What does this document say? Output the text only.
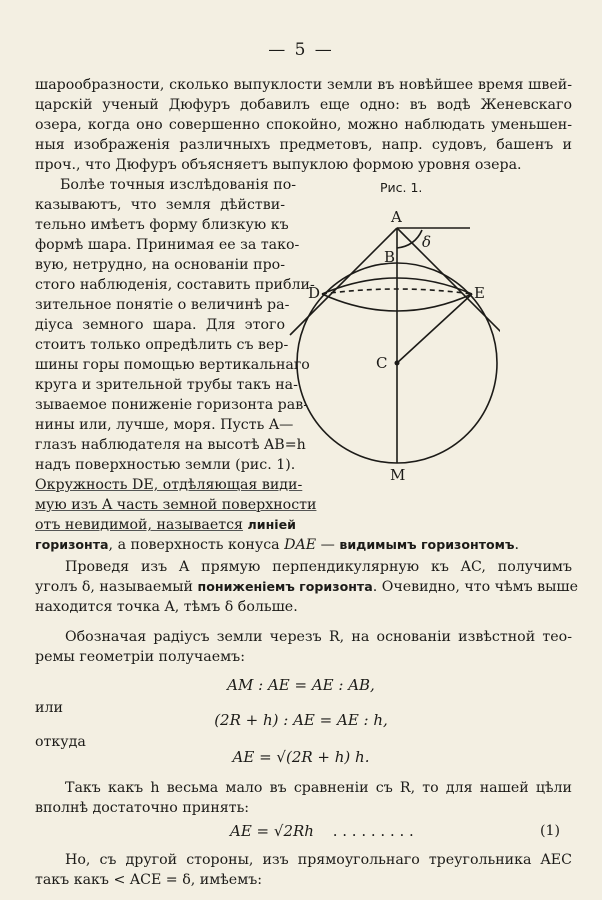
— 5 —
шарообразности, сколько выпуклости земли въ новѣйшее время швей-
царскій ученый Дюфуръ добавилъ еще одно: въ водѣ Женевскаго
озера, когда оно совершенно спокойно, можно наблюдать уменьшен-
ныя изображенія различныхъ предметовъ, напр. судовъ, башенъ и
проч., что Дюфуръ объясняетъ выпуклою формою уровня озера.
Болѣе точныя изслѣдованія по-
казываютъ, что земля дѣйстви-
тельно имѣетъ форму близкую къ
формѣ шара. Принимая ее за тако-
вую, нетрудно, на основаніи про-
стого наблюденія, составить прибли-
зительное понятіе о величинѣ ра-
діуса земного шара. Для этого
стоитъ только опредѣлить съ вер-
шины горы помощью вертикальнаго
круга и зрительной трубы такъ на-
зываемое пониженіе горизонта рав-
нины или, лучше, моря. Пусть A—
глазъ наблюдателя на высотѣ AB=h
надъ поверхностью земли (рис. 1).
Окружность DE, отдѣляющая види-
мую изъ A часть земной поверхности
отъ невидимой, называется линіей
горизонта, а поверхность конуса DAE — видимымъ горизонтомъ.
Проведя изъ A прямую перпендикулярную къ AC, получимъ
уголъ δ, называемый пониженіемъ горизонта. Очевидно, что чѣмъ выше
находится точка A, тѣмъ δ больше.
Обозначая радіусъ земли черезъ R, на основаніи извѣстной тео-
ремы геометріи получаемъ:
AM : AE = AE : AB,
или
(2R + h) : AE = AE : h,
откуда
AE = √(2R + h) h.
Такъ какъ h весьма мало въ сравненіи съ R, то для нашей цѣли
вполнѣ достаточно принять:
AE = √2Rh . . . . . . . . .	(1)
Но, съ другой стороны, изъ прямоугольнаго треугольника AEC
такъ какъ < ACE = δ, имѣемъ:
Рис. 1.
A
B
C
D	E
M
δ
